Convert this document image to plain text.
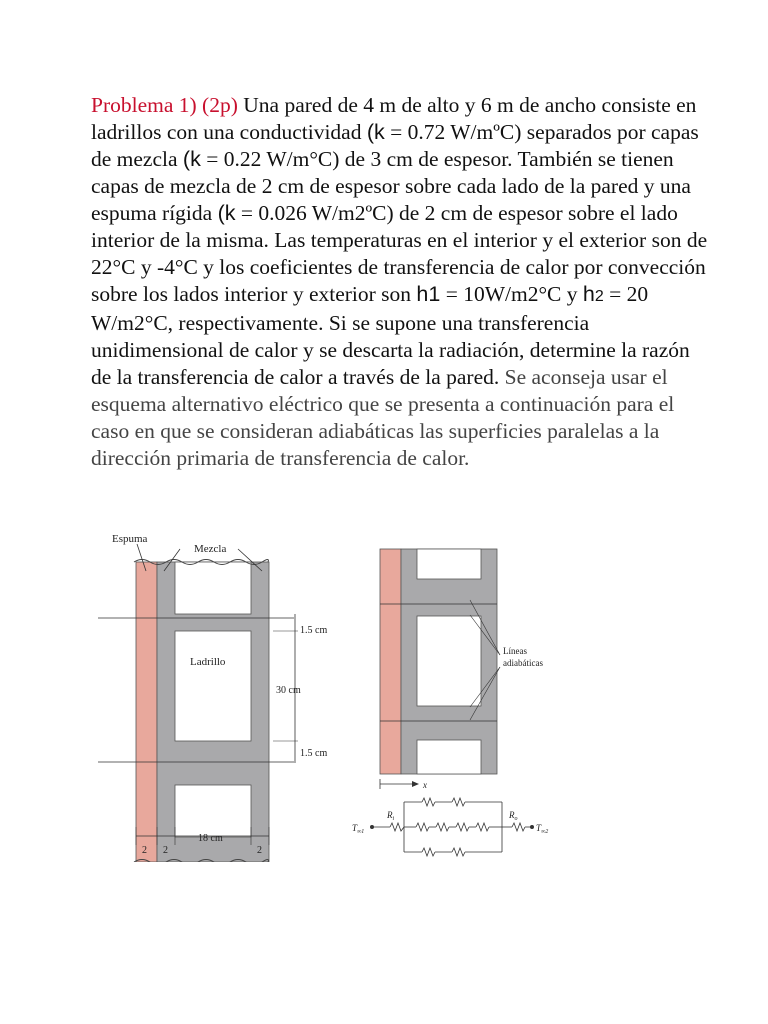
Problema 1) (2p) Una pared de 4 m de alto y 6 m de ancho consiste en ladrillos con una conductividad (k = 0.72 W/mºC) separados por capas de mezcla (k = 0.22 W/m°C) de 3 cm de espesor. También se tienen capas de mezcla de 2 cm de espesor sobre cada lado de la pared y una espuma rígida (k = 0.026 W/m2ºC) de 2 cm de espesor sobre el lado interior de la misma. Las temperaturas en el interior y el exterior son de 22°C y -4°C y los coeficientes de transferencia de calor por convección sobre los lados interior y exterior son h1 = 10W/m2°C y h2 = 20 W/m2°C, respectivamente. Si se supone una transferencia unidimensional de calor y se descarta la radiación, determine la razón de la transferencia de calor a través de la pared. Se aconseja usar el esquema alternativo eléctrico que se presenta a continuación para el caso en que se consideran adiabáticas las superficies paralelas a la dirección primaria de transferencia de calor.

Espuma
Mezcla
Ladrillo
1.5 cm
30 cm
1.5 cm
2 2
18 cm
2
Líneas
adiabáticas
x
$R_i$	$R_o$
$T_{\infty 1}$	$T_{\infty 2}$
